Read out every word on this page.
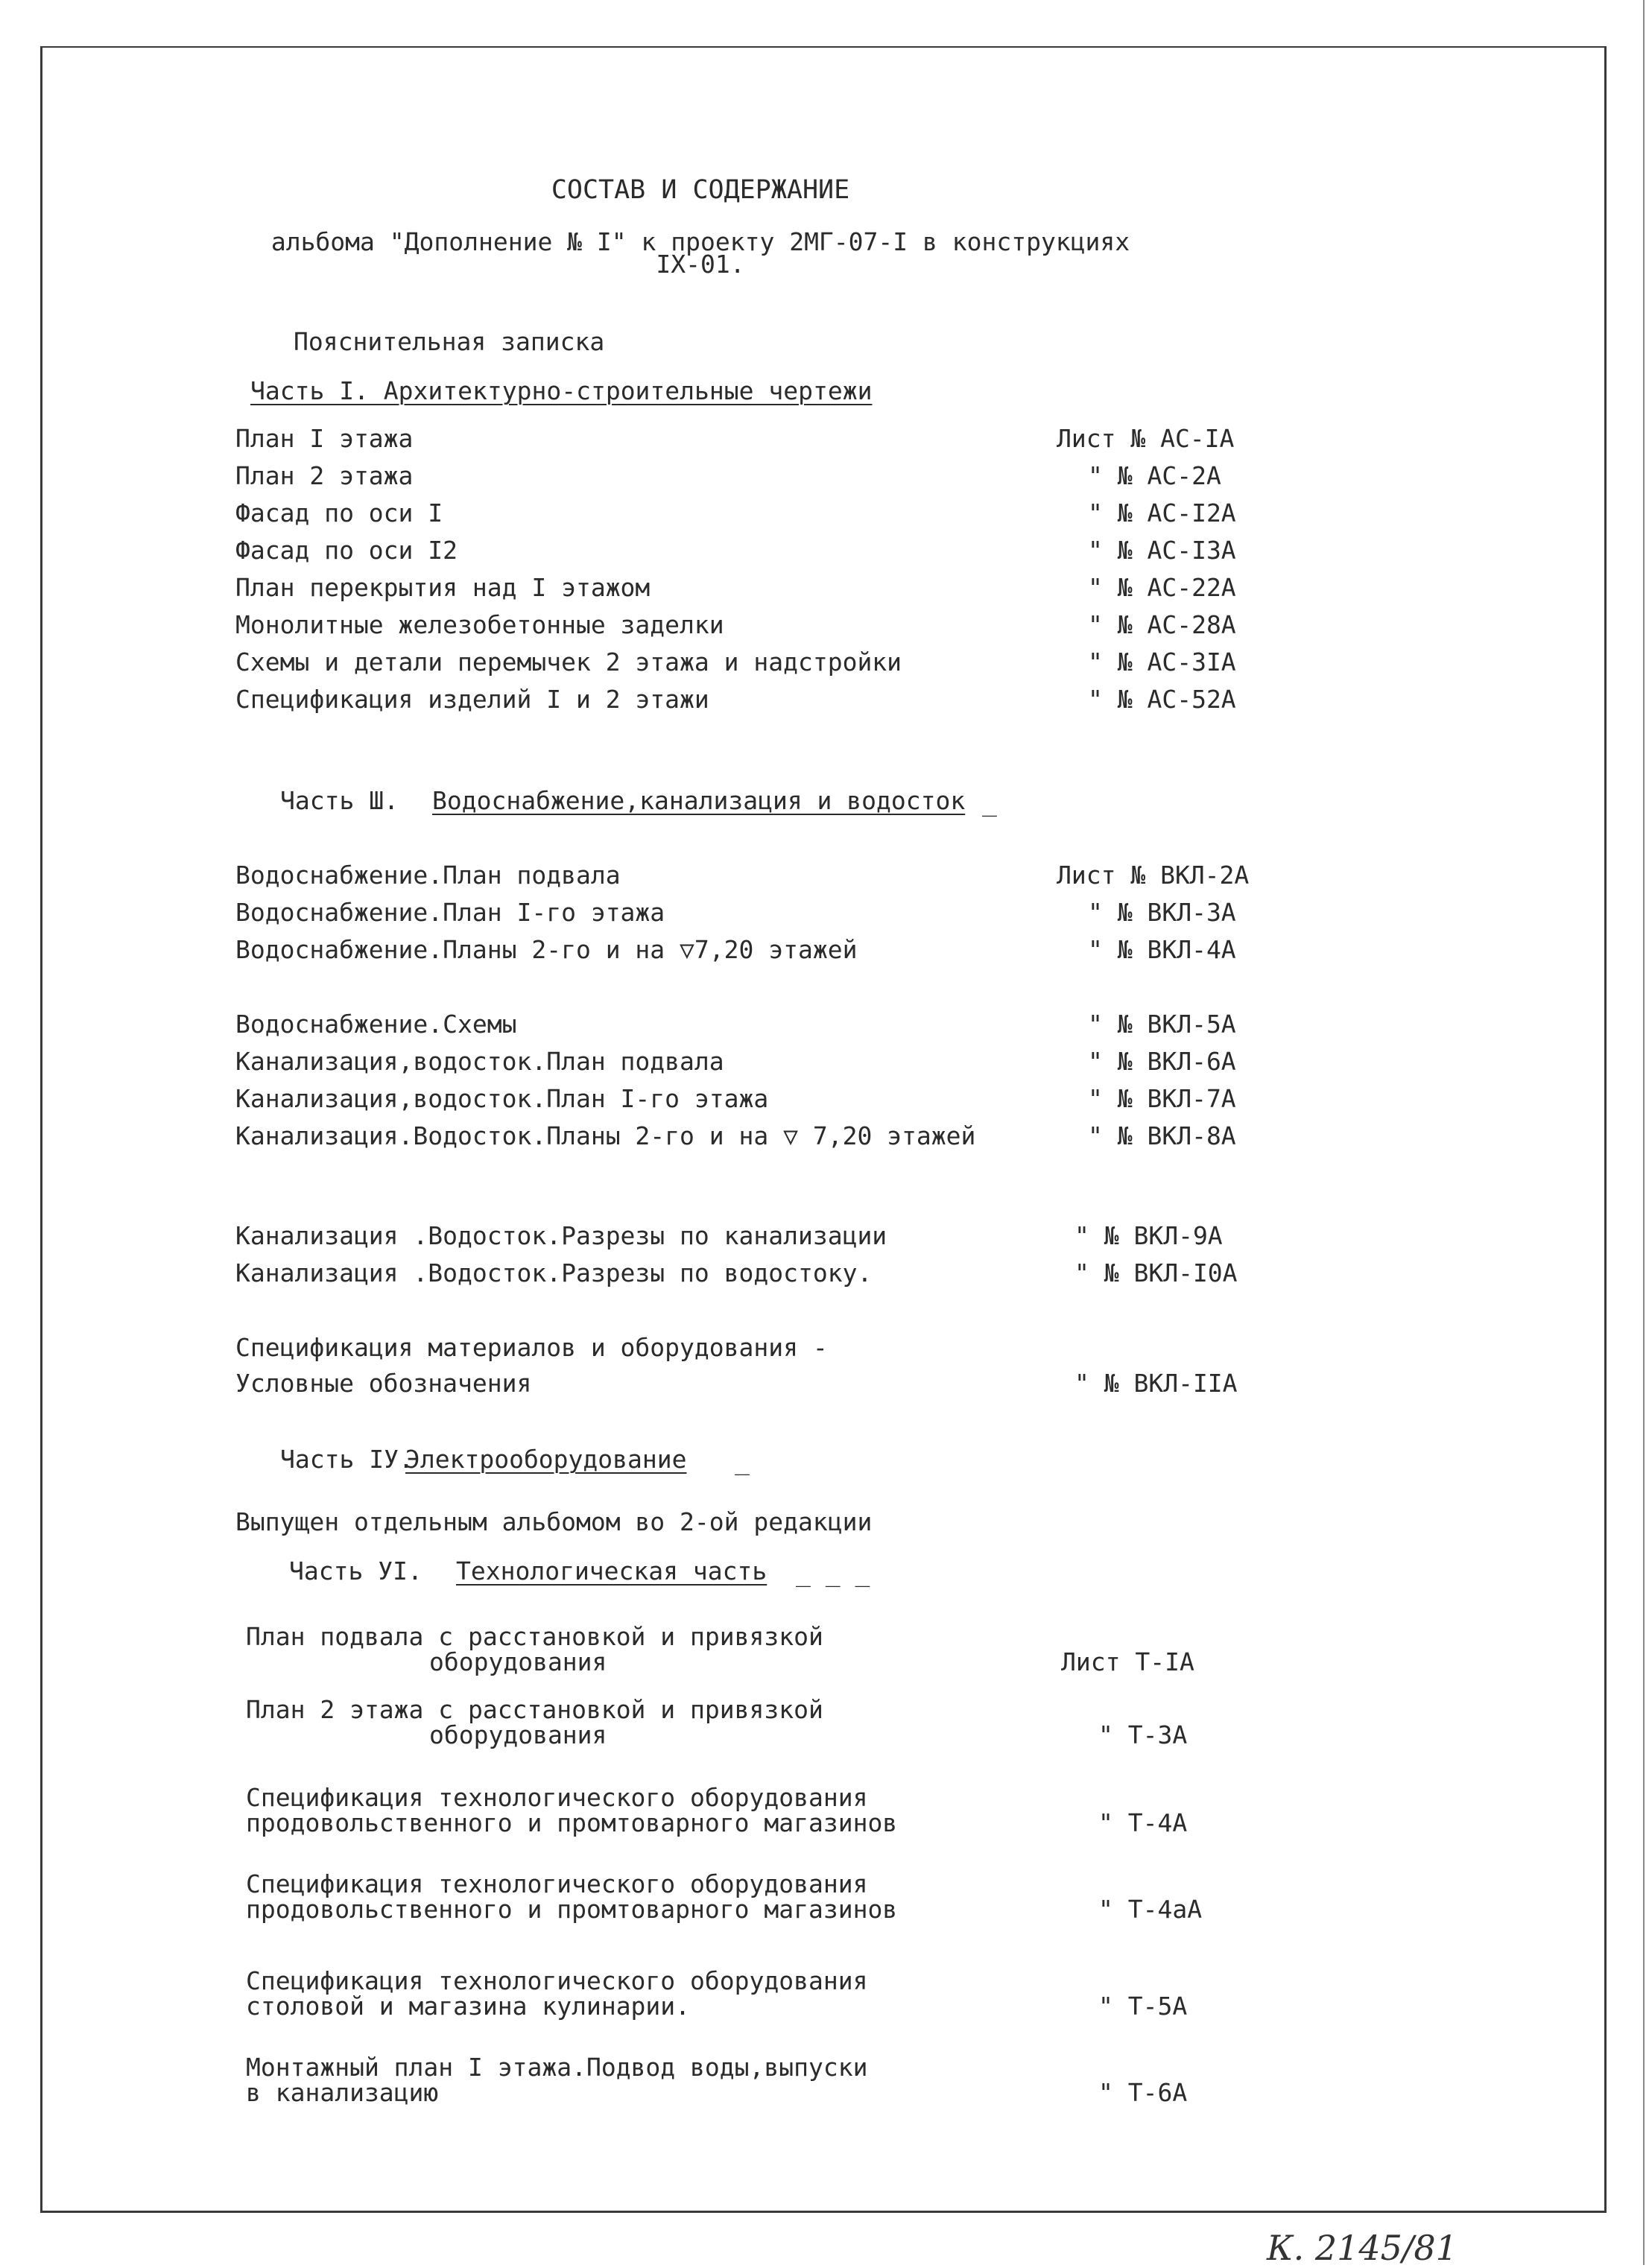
СОСТАВ И СОДЕРЖАНИЕ
альбома "Дополнение № I" к проекту 2МГ-07-I в конструкциях
IX-01.
Пояснительная записка
Часть I. Архитектурно-строительные чертежи
План I этажа	Лист № АС-IА
План 2 этажа	" № АС-2А
Фасад по оси I	" № АС-I2А
Фасад по оси I2	" № АС-I3А
План перекрытия над I этажом	" № АС-22А
Монолитные железобетонные заделки	" № АС-28А
Схемы и детали перемычек 2 этажа и надстройки	" № АС-3IА
Спецификация изделий I и 2 этажи	" № АС-52А
Часть Ш. Водоснабжение,канализация и водосток _
Водоснабжение.План подвала	Лист № ВКЛ-2А
Водоснабжение.План I-го этажа	" № ВКЛ-3А
Водоснабжение.Планы 2-го и на ▽7,20 этажей	" № ВКЛ-4А
Водоснабжение.Схемы	" № ВКЛ-5А
Канализация,водосток.План подвала	" № ВКЛ-6А
Канализация,водосток.План I-го этажа	" № ВКЛ-7А
Канализация.Водосток.Планы 2-го и на ▽ 7,20 этажей	" № ВКЛ-8А
Канализация .Водосток.Разрезы по канализации	" № ВКЛ-9А
Канализация .Водосток.Разрезы по водостоку.	" № ВКЛ-I0А
Спецификация материалов и оборудования -
Условные обозначения	" № ВКЛ-IIА
Часть IУ.
Электрооборудование _
Выпущен отдельным альбомом во 2-ой редакции
Часть УI. Технологическая часть _ _ _
План подвала с расстановкой и привязкой
оборудования	Лист Т-IА
План 2 этажа с расстановкой и привязкой
оборудования	" Т-3А
Спецификация технологического оборудования
продовольственного и промтоварного магазинов	" Т-4А
Спецификация технологического оборудования
продовольственного и промтоварного магазинов	" Т-4аА
Спецификация технологического оборудования
столовой и магазина кулинарии.	" Т-5А
Монтажный план I этажа.Подвод воды,выпуски
в канализацию	" Т-6А
К. 2145/81
